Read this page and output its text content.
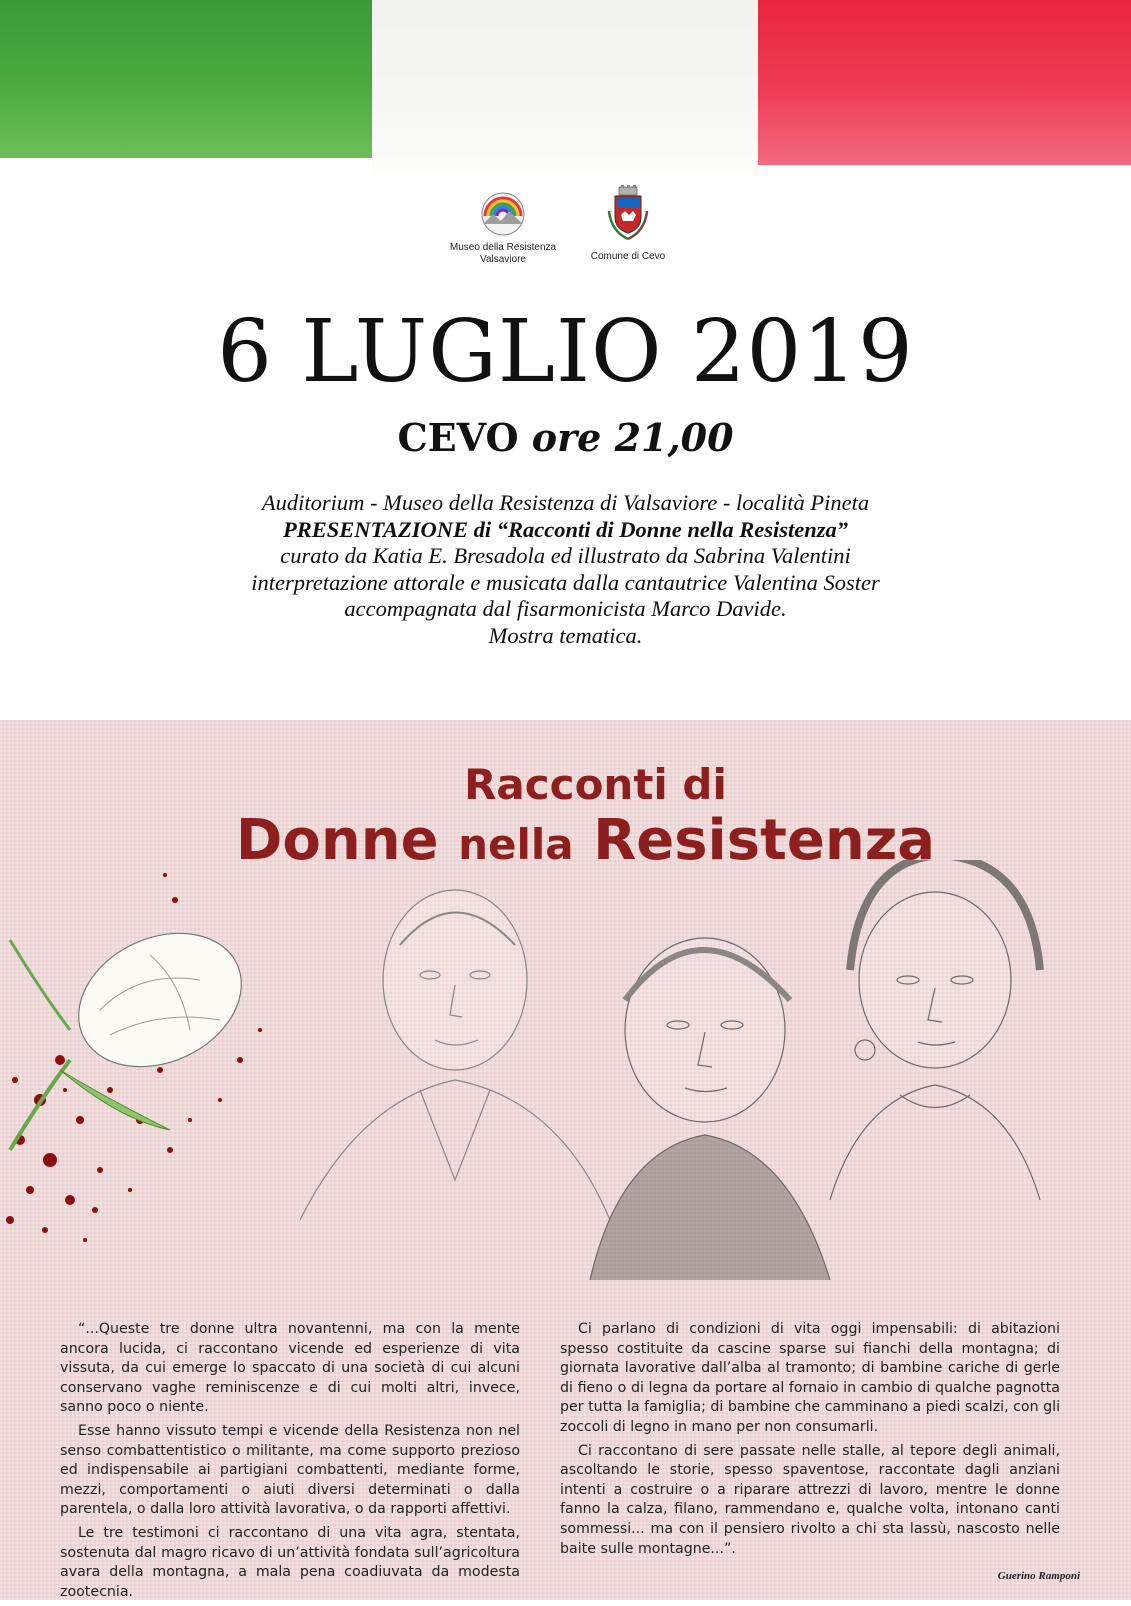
Museo della Resistenza
Valsaviore	Comune di Cevo
6 LUGLIO 2019
CEVO ore 21,00
Auditorium - Museo della Resistenza di Valsaviore - località Pineta
PRESENTAZIONE di “Racconti di Donne nella Resistenza”
curato da Katia E. Bresadola ed illustrato da Sabrina Valentini
interpretazione attorale e musicata dalla cantautrice Valentina Soster
accompagnata dal fisarmonicista Marco Davide.
Mostra tematica.
Racconti di
Donne nella Resistenza

“...Queste tre donne ultra novantenni, ma con la mente ancora lucida, ci raccontano vicende ed esperienze di vita vissuta, da cui emerge lo spaccato di una società di cui alcuni conservano vaghe reminiscenze e di cui molti altri, invece, sanno poco o niente.

Esse hanno vissuto tempi e vicende della Resistenza non nel senso combattentistico o militante, ma come supporto prezioso ed indispensabile ai partigiani combattenti, mediante forme, mezzi, comportamenti o aiuti diversi determinati o dalla parentela, o dalla loro attività lavorativa, o da rapporti affettivi.

Le tre testimoni ci raccontano di una vita agra, stentata, sostenuta dal magro ricavo di un’attività fondata sull’agricoltura avara della montagna, a mala pena coadiuvata da modesta zootecnia.

Ci parlano di condizioni di vita oggi impensabili: di abitazioni spesso costituite da cascine sparse sui fianchi della montagna; di giornata lavorative dall’alba al tramonto; di bambine cariche di gerle di fieno o di legna da portare al fornaio in cambio di qualche pagnotta per tutta la famiglia; di bambine che camminano a piedi scalzi, con gli zoccoli di legno in mano per non consumarli.

Ci raccontano di sere passate nelle stalle, al tepore degli animali, ascoltando le storie, spesso spaventose, raccontate dagli anziani intenti a costruire o a riparare attrezzi di lavoro, mentre le donne fanno la calza, filano, rammendano e, qualche volta, intonano canti sommessi... ma con il pensiero rivolto a chi sta lassù, nascosto nelle baite sulle montagne...”.

Guerino Ramponi
